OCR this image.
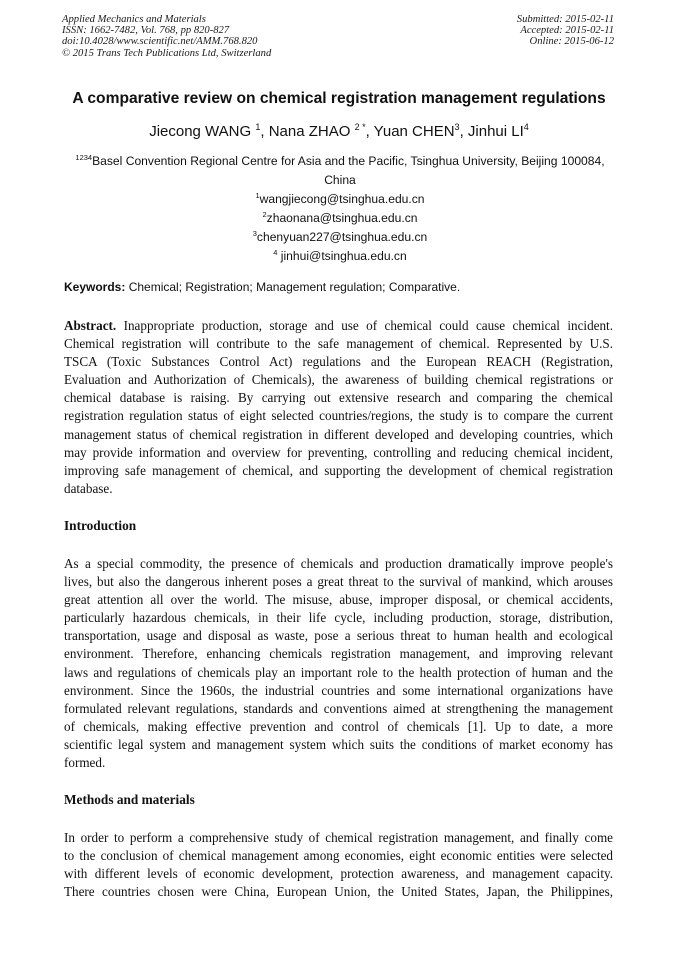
Applied Mechanics and Materials
ISSN: 1662-7482, Vol. 768, pp 820-827
doi:10.4028/www.scientific.net/AMM.768.820
© 2015 Trans Tech Publications Ltd, Switzerland
Submitted: 2015-02-11
Accepted: 2015-02-11
Online: 2015-06-12
A comparative review on chemical registration management regulations
Jiecong WANG $^1$, Nana ZHAO $^{2 *}$, Yuan CHEN$^3$, Jinhui $LI^4$
$^{1234}$Basel Convention Regional Centre for Asia and the Pacific, Tsinghua University, Beijing 100084,
China
$^1$wangjiecong@tsinghua.edu.cn
$^2$zhaonana@tsinghua.edu.cn
$^3$chenyuan227@tsinghua.edu.cn
$^4$ jinhui@tsinghua.edu.cn
Keywords: Chemical; Registration; Management regulation; Comparative.
Abstract. Inappropriate production, storage and use of chemical could cause chemical incident.
Chemical registration will contribute to the safe management of chemical. Represented by U.S.
TSCA (Toxic Substances Control Act) regulations and the European REACH (Registration,
Evaluation and Authorization of Chemicals), the awareness of building chemical registrations or
chemical database is raising. By carrying out extensive research and comparing the chemical
registration regulation status of eight selected countries/regions, the study is to compare the current
management status of chemical registration in different developed and developing countries, which
may provide information and overview for preventing, controlling and reducing chemical incident,
improving safe management of chemical, and supporting the development of chemical registration
database.
Introduction
As a special commodity, the presence of chemicals and production dramatically improve people's
lives, but also the dangerous inherent poses a great threat to the survival of mankind, which arouses
great attention all over the world. The misuse, abuse, improper disposal, or chemical accidents,
particularly hazardous chemicals, in their life cycle, including production, storage, distribution,
transportation, usage and disposal as waste, pose a serious threat to human health and ecological
environment. Therefore, enhancing chemicals registration management, and improving relevant
laws and regulations of chemicals play an important role to the health protection of human and the
environment. Since the 1960s, the industrial countries and some international organizations have
formulated relevant regulations, standards and conventions aimed at strengthening the management
of chemicals, making effective prevention and control of chemicals [1]. Up to date, a more
scientific legal system and management system which suits the conditions of market economy has
formed.
Methods and materials
In order to perform a comprehensive study of chemical registration management, and finally come
to the conclusion of chemical management among economies, eight economic entities were selected
with different levels of economic development, protection awareness, and management capacity.
There countries chosen were China, European Union, the United States, Japan, the Philippines,
